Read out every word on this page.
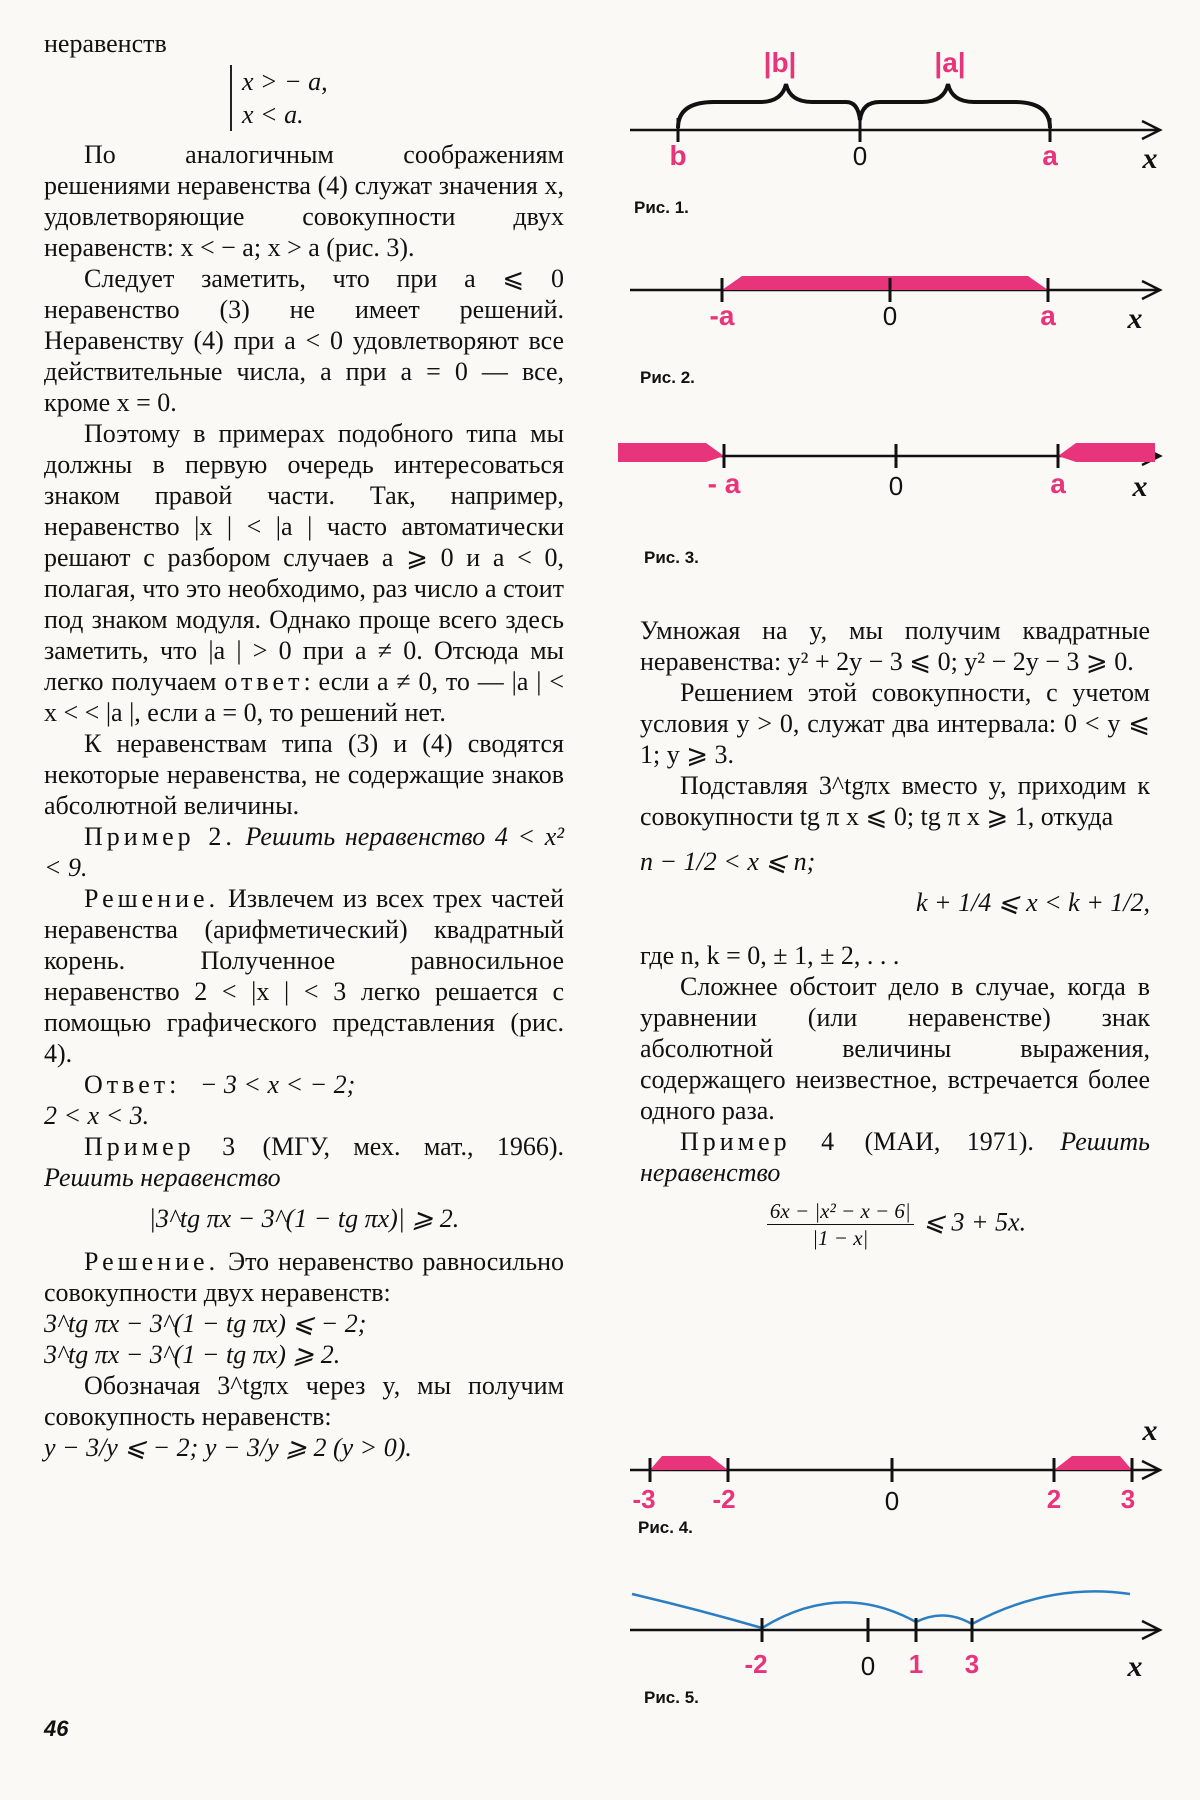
неравенств

x > − a,
x < a.

По аналогичным соображениям решениями неравенства (4) служат значения x, удовлетворяющие совокупности двух неравенств: x < − a; x > a (рис. 3).

Следует заметить, что при a ⩽ 0 неравенство (3) не имеет решений. Неравенству (4) при a < 0 удовлетворяют все действительные числа, а при a = 0 — все, кроме x = 0.

Поэтому в примерах подобного типа мы должны в первую очередь интересоваться знаком правой части. Так, например, неравенство |x | < |a | часто автоматически решают с разбором случаев a ⩾ 0 и a < 0, полагая, что это необходимо, раз число a стоит под знаком модуля. Однако проще всего здесь заметить, что |a | > 0 при a ≠ 0. Отсюда мы легко получаем ответ: если a ≠ 0, то — |a | < x < < |a |, если a = 0, то решений нет.

К неравенствам типа (3) и (4) сводятся некоторые неравенства, не содержащие знаков абсолютной величины.

Пример 2. Решить неравенство 4 < x² < 9.

Решение. Извлечем из всех трех частей неравенства (арифметический) квадратный корень. Полученное равносильное неравенство 2 < |x | < 3 легко решается с помощью графического представления (рис. 4).

Ответ: − 3 < x < − 2;

2 < x < 3.

Пример 3 (МГУ, мех. мат., 1966). Решить неравенство

|3^tg πx − 3^(1 − tg πx)| ⩾ 2.

Решение. Это неравенство равносильно совокупности двух неравенств:

3^tg πx − 3^(1 − tg πx) ⩽ − 2;

3^tg πx − 3^(1 − tg πx) ⩾ 2.

Обозначая 3^tgπx через y, мы получим совокупность неравенств:

y − 3/y ⩽ − 2; y − 3/y ⩾ 2 (y > 0).

|b|	|a|
b	0	a	x
Рис. 1.
-a	0	a x
Рис. 2.
- a	0	a x
Рис. 3.

Умножая на y, мы получим квадратные неравенства: y² + 2y − 3 ⩽ 0; y² − 2y − 3 ⩾ 0.

Решением этой совокупности, с учетом условия y > 0, служат два интервала: 0 < y ⩽ 1; y ⩾ 3.

Подставляя 3^tgπx вместо y, приходим к совокупности tg π x ⩽ 0; tg π x ⩾ 1, откуда

n − 1/2 < x ⩽ n;

k + 1/4 ⩽ x < k + 1/2,

где n, k = 0, ± 1, ± 2, . . .

Сложнее обстоит дело в случае, когда в уравнении (или неравенстве) знак абсолютной величины выражения, содержащего неизвестное, встречается более одного раза.

Пример 4 (МАИ, 1971). Решить неравенство

$\frac{\text{6x − |x² − x − 6|}}{|1 - x|}$ ⩽ 3 + 5x.
-3 -2	0	2 3
x
Рис. 4.
-2	0 1 3	x
Рис. 5.
46
